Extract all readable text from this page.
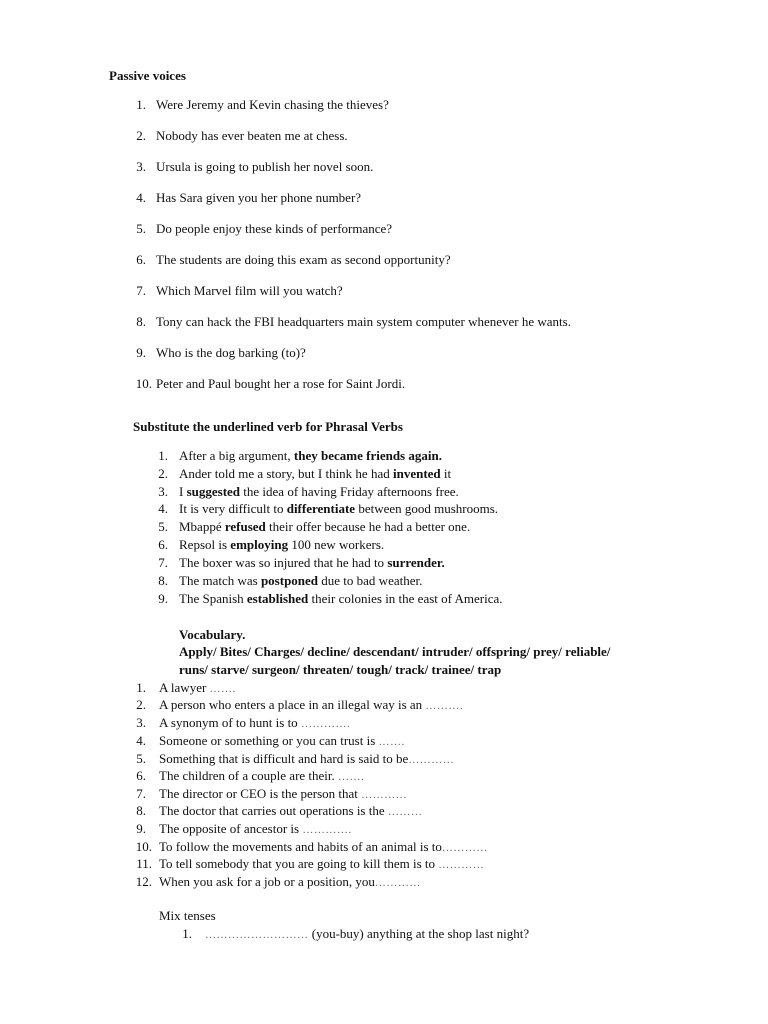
Passive voices
1. Were Jeremy and Kevin chasing the thieves?
2. Nobody has ever beaten me at chess.
3. Ursula is going to publish her novel soon.
4. Has Sara given you her phone number?
5. Do people enjoy these kinds of performance?
6. The students are doing this exam as second opportunity?
7. Which Marvel film will you watch?
8. Tony can hack the FBI headquarters main system computer whenever he wants.
9. Who is the dog barking (to)?
10. Peter and Paul bought her a rose for Saint Jordi.
Substitute the underlined verb for Phrasal Verbs
1. After a big argument, they became friends again.
2. Ander told me a story, but I think he had invented it
3. I suggested the idea of having Friday afternoons free.
4. It is very difficult to differentiate between good mushrooms.
5. Mbappé refused their offer because he had a better one.
6. Repsol is employing 100 new workers.
7. The boxer was so injured that he had to surrender.
8. The match was postponed due to bad weather.
9. The Spanish established their colonies in the east of America.
Vocabulary.
Apply/ Bites/ Charges/ decline/ descendant/ intruder/ offspring/ prey/ reliable/
runs/ starve/ surgeon/ threaten/ tough/ track/ trainee/ trap
1. A lawyer …….
2. A person who enters a place in an illegal way is an ……….
3. A synonym of to hunt is to ………….
4. Someone or something or you can trust is …….
5. Something that is difficult and hard is said to be…………
6. The children of a couple are their. …….
7. The director or CEO is the person that …………
8. The doctor that carries out operations is the ………
9. The opposite of ancestor is ………….
10. To follow the movements and habits of an animal is to…………
11. To tell somebody that you are going to kill them is to …………
12. When you ask for a job or a position, you…………
Mix tenses
1. ……………………… (you-buy) anything at the shop last night?
